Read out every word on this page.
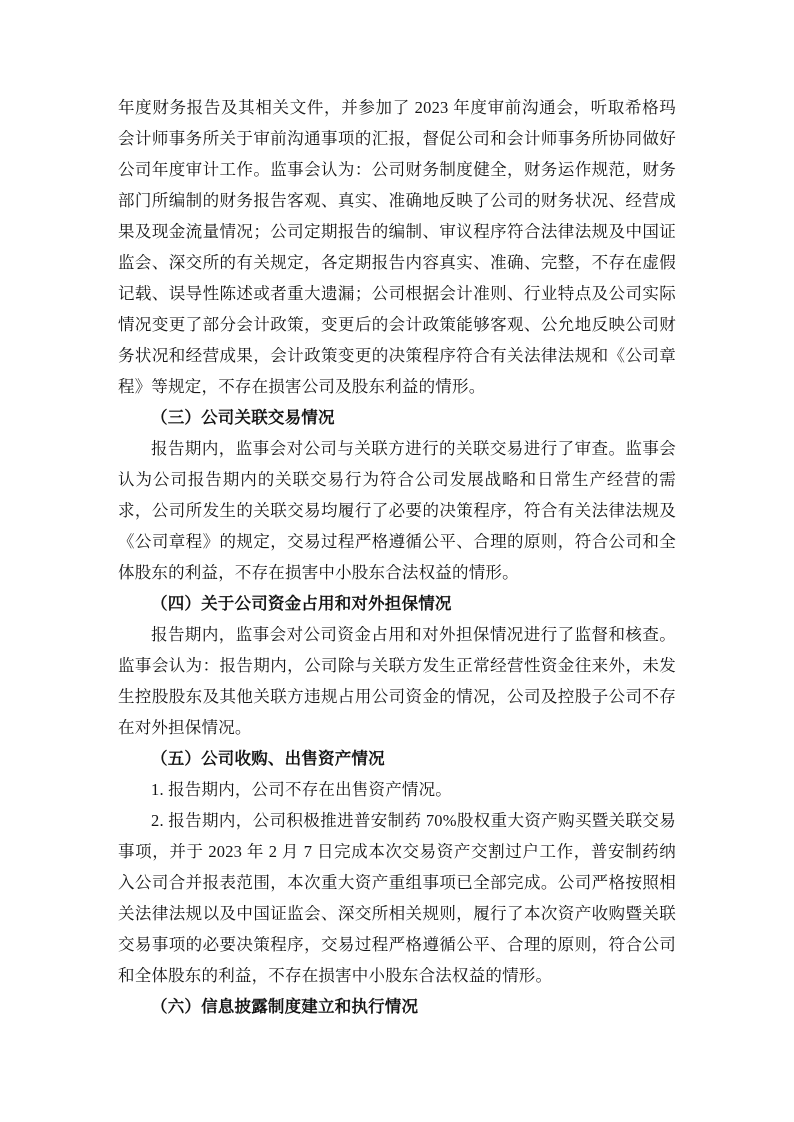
年度财务报告及其相关文件，并参加了 2023 年度审前沟通会，听取希格玛会计师事务所关于审前沟通事项的汇报，督促公司和会计师事务所协同做好公司年度审计工作。监事会认为：公司财务制度健全，财务运作规范，财务部门所编制的财务报告客观、真实、准确地反映了公司的财务状况、经营成果及现金流量情况；公司定期报告的编制、审议程序符合法律法规及中国证监会、深交所的有关规定，各定期报告内容真实、准确、完整，不存在虚假记载、误导性陈述或者重大遗漏；公司根据会计准则、行业特点及公司实际情况变更了部分会计政策，变更后的会计政策能够客观、公允地反映公司财务状况和经营成果，会计政策变更的决策程序符合有关法律法规和《公司章程》等规定，不存在损害公司及股东利益的情形。

（三）公司关联交易情况

报告期内，监事会对公司与关联方进行的关联交易进行了审查。监事会认为公司报告期内的关联交易行为符合公司发展战略和日常生产经营的需求，公司所发生的关联交易均履行了必要的决策程序，符合有关法律法规及《公司章程》的规定，交易过程严格遵循公平、合理的原则，符合公司和全体股东的利益，不存在损害中小股东合法权益的情形。

（四）关于公司资金占用和对外担保情况

报告期内，监事会对公司资金占用和对外担保情况进行了监督和核查。监事会认为：报告期内，公司除与关联方发生正常经营性资金往来外，未发生控股股东及其他关联方违规占用公司资金的情况，公司及控股子公司不存在对外担保情况。

（五）公司收购、出售资产情况

1. 报告期内，公司不存在出售资产情况。

2. 报告期内，公司积极推进普安制药 70%股权重大资产购买暨关联交易事项，并于 2023 年 2 月 7 日完成本次交易资产交割过户工作，普安制药纳入公司合并报表范围，本次重大资产重组事项已全部完成。公司严格按照相关法律法规以及中国证监会、深交所相关规则，履行了本次资产收购暨关联交易事项的必要决策程序，交易过程严格遵循公平、合理的原则，符合公司和全体股东的利益，不存在损害中小股东合法权益的情形。

（六）信息披露制度建立和执行情况
